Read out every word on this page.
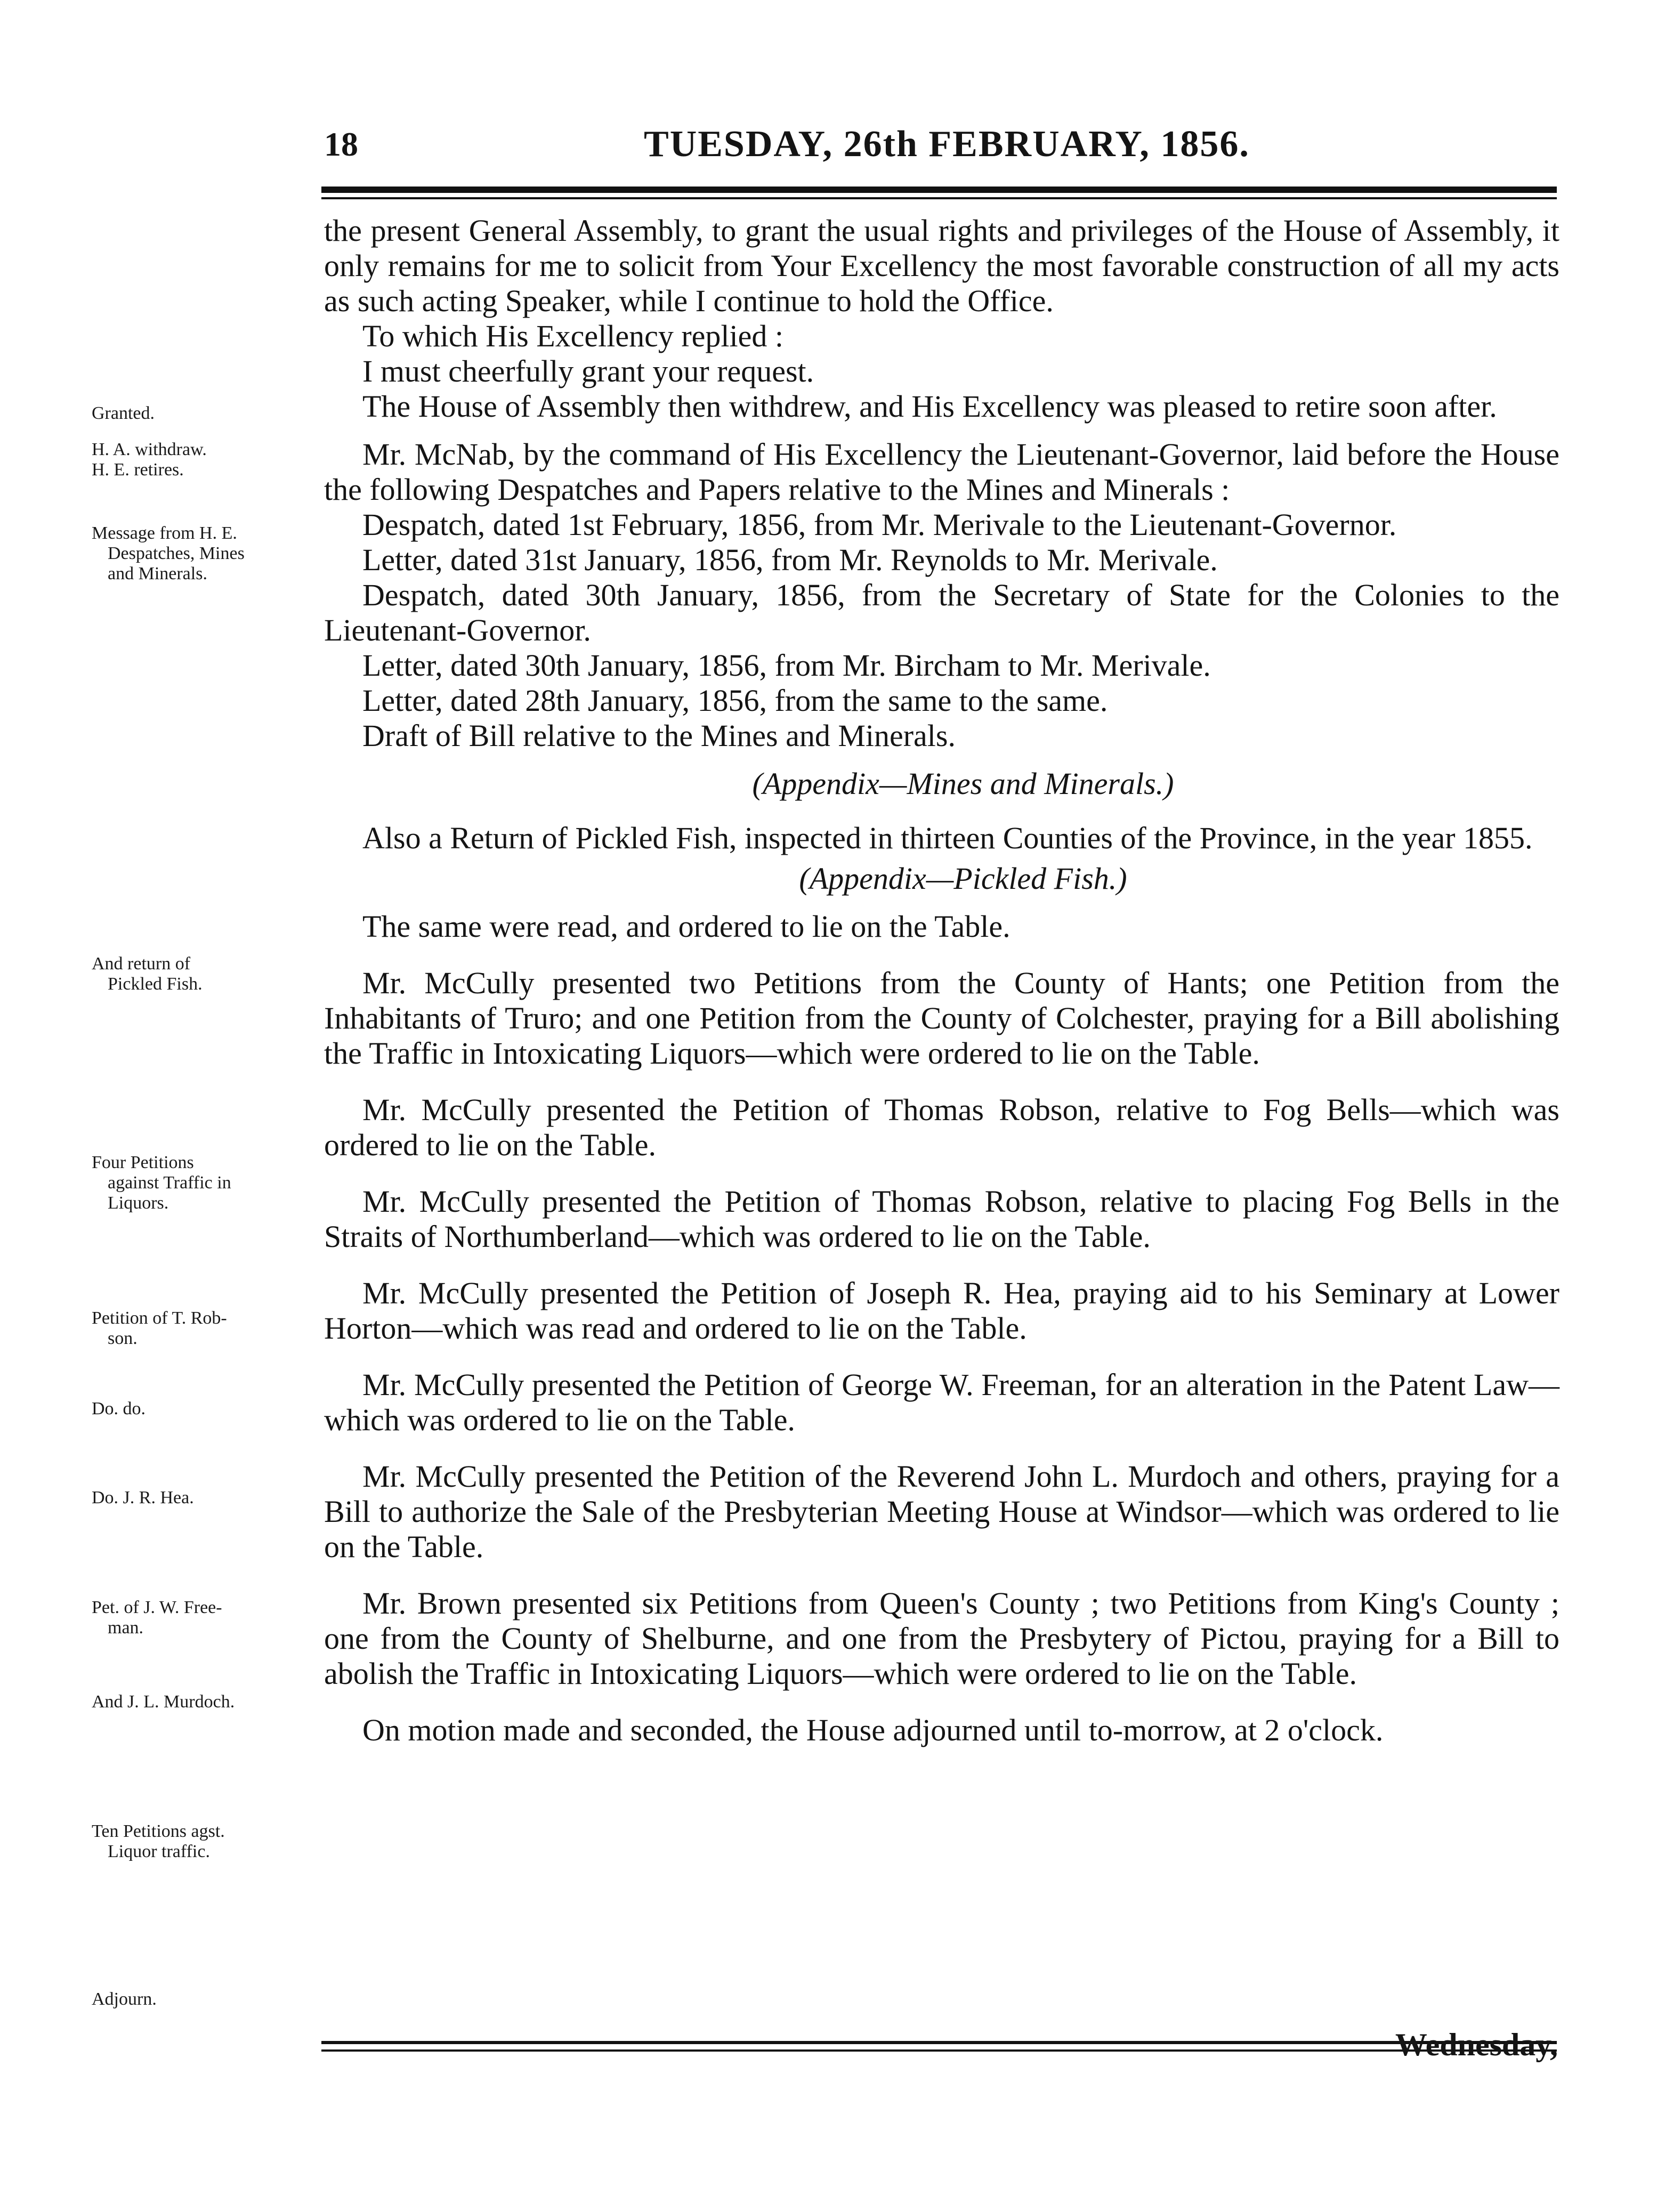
18	TUESDAY, 26th FEBRUARY, 1856.

the present General Assembly, to grant the usual rights and privileges of the House of Assembly, it only remains for me to solicit from Your Excellency the most favorable construction of all my acts as such acting Speaker, while I continue to hold the Office.

To which His Excellency replied :

I must cheerfully grant your request.

The House of Assembly then withdrew, and His Excellency was pleased to retire soon after.

Mr. McNab, by the command of His Excellency the Lieutenant-Governor, laid before the House the following Despatches and Papers relative to the Mines and Minerals :

Despatch, dated 1st February, 1856, from Mr. Merivale to the Lieutenant-Governor.

Letter, dated 31st January, 1856, from Mr. Reynolds to Mr. Merivale.

Despatch, dated 30th January, 1856, from the Secretary of State for the Colonies to the Lieutenant-Governor.

Letter, dated 30th January, 1856, from Mr. Bircham to Mr. Merivale.

Letter, dated 28th January, 1856, from the same to the same.

Draft of Bill relative to the Mines and Minerals.

(Appendix—Mines and Minerals.)

Also a Return of Pickled Fish, inspected in thirteen Counties of the Province, in the year 1855.

(Appendix—Pickled Fish.)

The same were read, and ordered to lie on the Table.

Mr. McCully presented two Petitions from the County of Hants; one Petition from the Inhabitants of Truro; and one Petition from the County of Colchester, praying for a Bill abolishing the Traffic in Intoxicating Liquors—which were ordered to lie on the Table.

Mr. McCully presented the Petition of Thomas Robson, relative to Fog Bells—which was ordered to lie on the Table.

Mr. McCully presented the Petition of Thomas Robson, relative to placing Fog Bells in the Straits of Northumberland—which was ordered to lie on the Table.

Mr. McCully presented the Petition of Joseph R. Hea, praying aid to his Seminary at Lower Horton—which was read and ordered to lie on the Table.

Mr. McCully presented the Petition of George W. Freeman, for an alteration in the Patent Law—which was ordered to lie on the Table.

Mr. McCully presented the Petition of the Reverend John L. Murdoch and others, praying for a Bill to authorize the Sale of the Presbyterian Meeting House at Windsor—which was ordered to lie on the Table.

Mr. Brown presented six Petitions from Queen's County ; two Petitions from King's County ; one from the County of Shelburne, and one from the Presbytery of Pictou, praying for a Bill to abolish the Traffic in Intoxicating Liquors—which were ordered to lie on the Table.

On motion made and seconded, the House adjourned until to-morrow, at 2 o'clock.

Granted.
H. A. withdraw.
H. E. retires.
Message from H. E.
Despatches, Mines
and Minerals.
And return of
Pickled Fish.
Four Petitions
against Traffic in
Liquors.
Petition of T. Rob-
son.
Do. do.
Do. J. R. Hea.
Pet. of J. W. Free-
man.
And J. L. Murdoch.
Ten Petitions agst.
Liquor traffic.
Adjourn.
Wednesday,
